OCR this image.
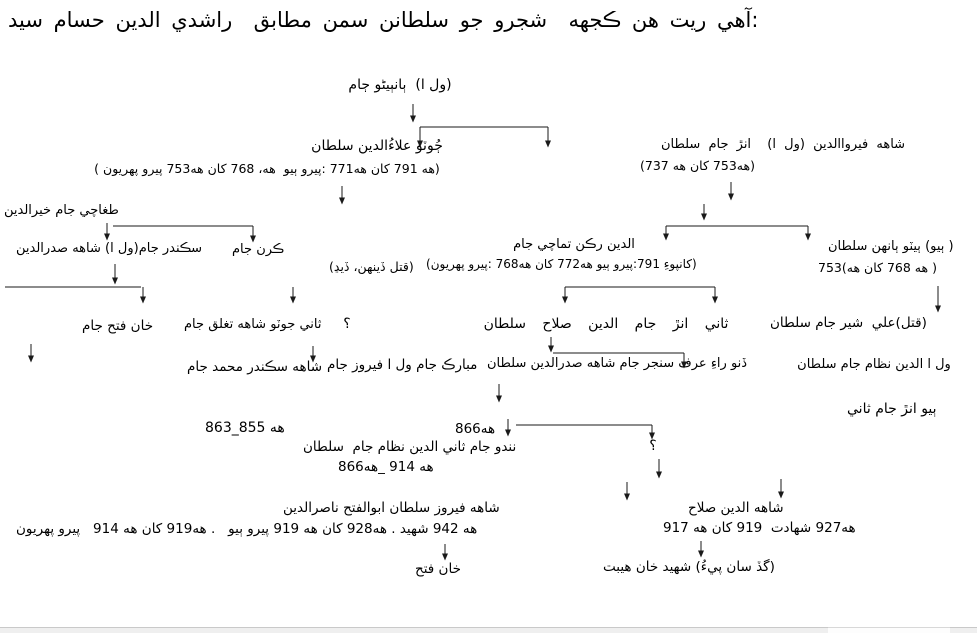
سيد حسام الدين راشدي مطابق سمن سلطانن جو شجرو ڪجهه هن ريت آهي:
ڄام ٻانٻيڻو  (ا ول)
سلطان علاءُالدين ڄُوٽو
( پهريون پيرو 753هه کان 768 هه، ٻيو پيرو: 771هه کان 791 هه)
سلطان جام انڙ  (ا ول) فيرواالدين شاهه
(737 هه کان 753هه)
خيرالدين جام طغاچي
صدرالدين شاهه (ا ول)جام سڪندر جام ڪرن
(ڏيڍ ڏينهن، قتل)
جام تماچي رڪن الدين
(پهريون پيرو: 768هه کان 772هه ٻيو پيرو:791 کانپوءِ)
سلطان ٻانهن ٻيٽو (ٻيو )
753(هه کان 768 هه )
سلطان جام شير علي(قتل)
سلطان صلاح الدين جام انڙ ثاني
؟
جام تغلق شاهه جوٽو ثاني
جام فتح خان
سلطان جام نظام الدين ا ول
سلطان صدرالدين شاهه جام سنجر عرف راءِ ڏنو
جام فيروز ا ول جام مبارڪ
جام محمد سڪندر شاهه
ثاني جام انڙ ٻيو
863_855 هه	866هه
سلطان جام نظام الدين ثاني جام نندو
866هه_ 914 هه
؟
صلاح الدين شاهه
917 هه کان 919  شهادت 927هه
هيبت خان شهيد (پيءُ سان گڏ)
ناصرالدين ابوالفتح سلطان فيروز شاهه
پهريون پيرو   914 هه کان 919هه .   ٻيو پيرو 919 هه کان 928هه . شهيد 942 هه
فتح خان
